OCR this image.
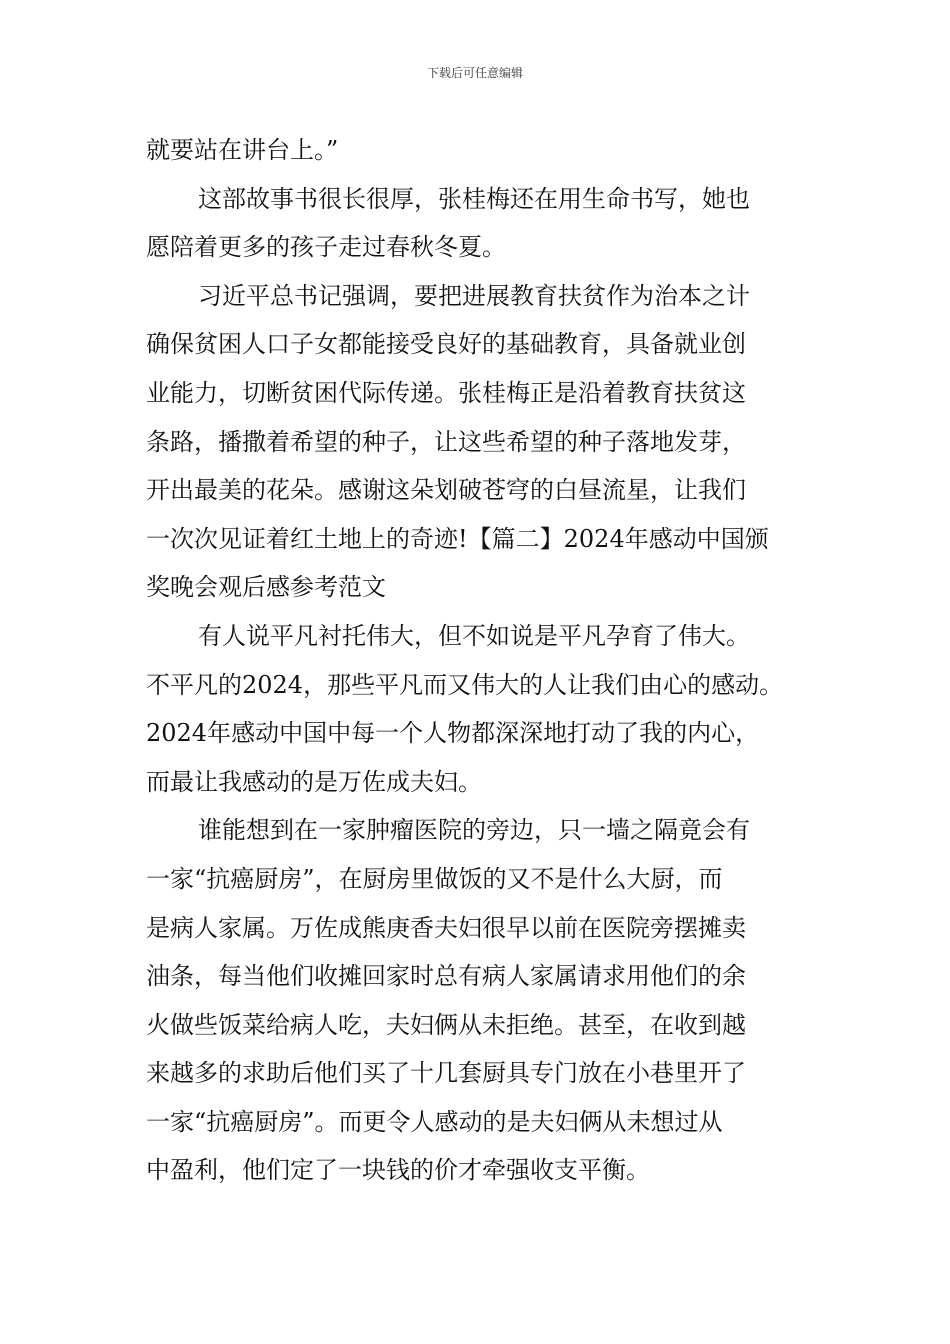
下载后可任意编辑
就要站在讲台上。”
这部故事书很长很厚，张桂梅还在用生命书写，她也
愿陪着更多的孩子走过春秋冬夏。
习近平总书记强调，要把进展教育扶贫作为治本之计
确保贫困人口子女都能接受良好的基础教育，具备就业创
业能力，切断贫困代际传递。张桂梅正是沿着教育扶贫这
条路，播撒着希望的种子，让这些希望的种子落地发芽，
开出最美的花朵。感谢这朵划破苍穹的白昼流星，让我们
一次次见证着红土地上的奇迹!【篇二】2024年感动中国颁
奖晚会观后感参考范文
有人说平凡衬托伟大，但不如说是平凡孕育了伟大。
不平凡的2024，那些平凡而又伟大的人让我们由心的感动。
2024年感动中国中每一个人物都深深地打动了我的内心，
而最让我感动的是万佐成夫妇。
谁能想到在一家肿瘤医院的旁边，只一墙之隔竟会有
一家“抗癌厨房”，在厨房里做饭的又不是什么大厨，而
是病人家属。万佐成熊庚香夫妇很早以前在医院旁摆摊卖
油条，每当他们收摊回家时总有病人家属请求用他们的余
火做些饭菜给病人吃，夫妇俩从未拒绝。甚至，在收到越
来越多的求助后他们买了十几套厨具专门放在小巷里开了
一家“抗癌厨房”。而更令人感动的是夫妇俩从未想过从
中盈利，他们定了一块钱的价才牵强收支平衡。
